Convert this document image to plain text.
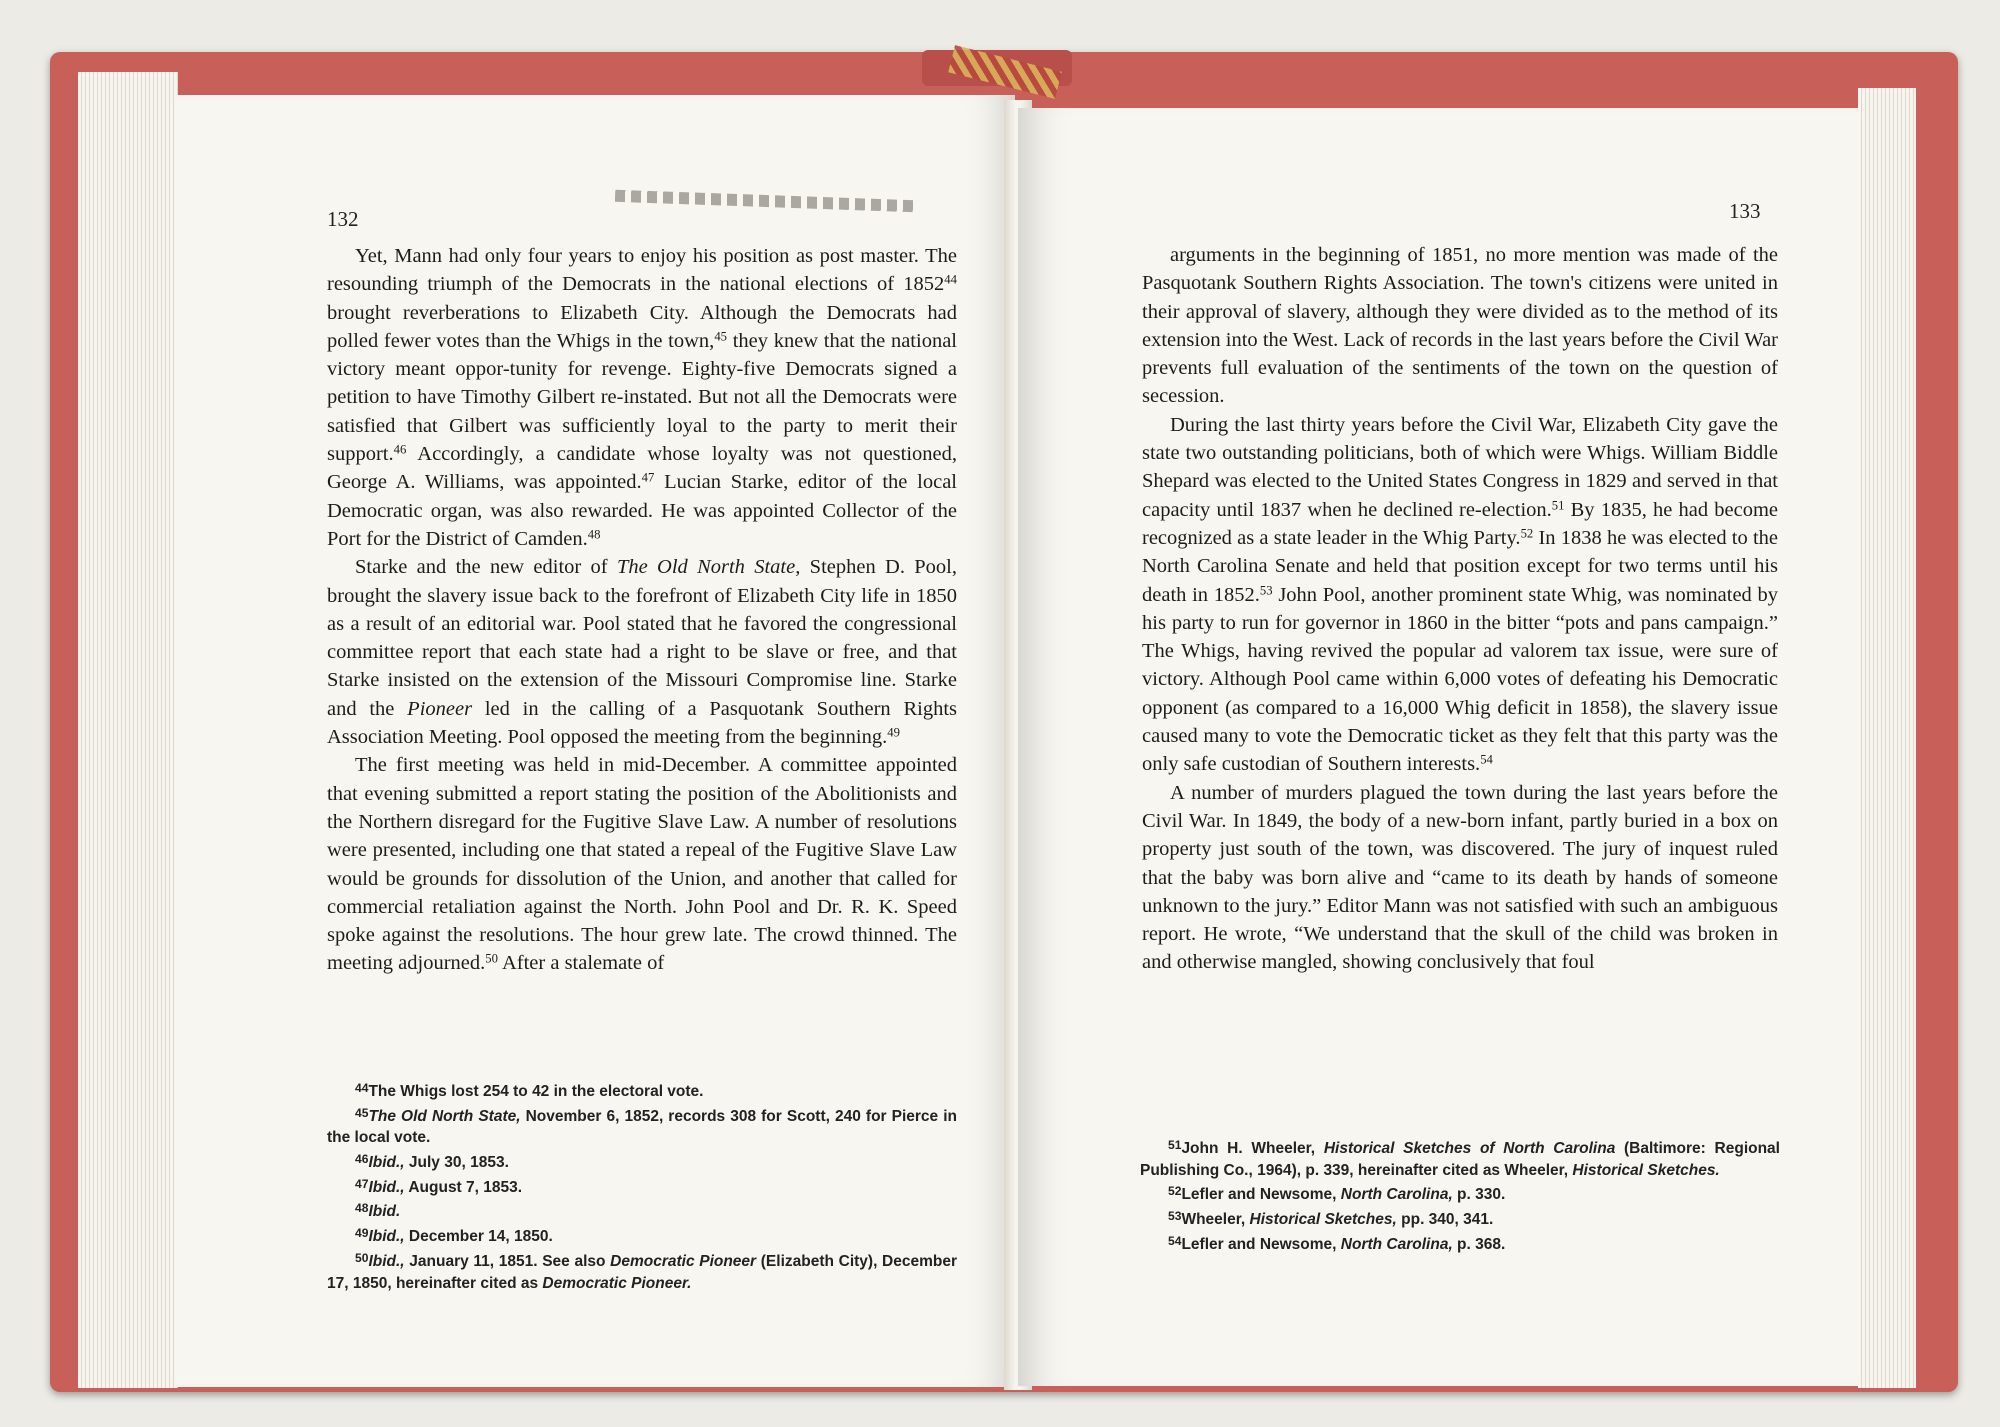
132

Yet, Mann had only four years to enjoy his position as post master. The resounding triumph of the Democrats in the national elections of 1852$^{44}$ brought reverberations to Elizabeth City. Although the Democrats had polled fewer votes than the Whigs in the town,$^{45}$ they knew that the national victory meant oppor-tunity for revenge. Eighty-five Democrats signed a petition to have Timothy Gilbert re-instated. But not all the Democrats were satisfied that Gilbert was sufficiently loyal to the party to merit their support.$^{46}$ Accordingly, a candidate whose loyalty was not questioned, George A. Williams, was appointed.$^{47}$ Lucian Starke, editor of the local Democratic organ, was also rewarded. He was appointed Collector of the Port for the District of Camden.$^{48}$

Starke and the new editor of The Old North State, Stephen D. Pool, brought the slavery issue back to the forefront of Elizabeth City life in 1850 as a result of an editorial war. Pool stated that he favored the congressional committee report that each state had a right to be slave or free, and that Starke insisted on the extension of the Missouri Compromise line. Starke and the Pioneer led in the calling of a Pasquotank Southern Rights Association Meeting. Pool opposed the meeting from the beginning.$^{49}$

The first meeting was held in mid-December. A committee appointed that evening submitted a report stating the position of the Abolitionists and the Northern disregard for the Fugitive Slave Law. A number of resolutions were presented, including one that stated a repeal of the Fugitive Slave Law would be grounds for dissolution of the Union, and another that called for commercial retaliation against the North. John Pool and Dr. R. K. Speed spoke against the resolutions. The hour grew late. The crowd thinned. The meeting adjourned.$^{50}$ After a stalemate of

$^{44}$The Whigs lost 254 to 42 in the electoral vote.

$^{45}$The Old North State, November 6, 1852, records 308 for Scott, 240 for Pierce in the local vote.

$^{46}$Ibid., July 30, 1853.

$^{47}$Ibid., August 7, 1853.

$^{48}$Ibid.

$^{49}$Ibid., December 14, 1850.

$^{50}$Ibid., January 11, 1851. See also Democratic Pioneer (Elizabeth City), December 17, 1850, hereinafter cited as Democratic Pioneer.

133

arguments in the beginning of 1851, no more mention was made of the Pasquotank Southern Rights Association. The town's citizens were united in their approval of slavery, although they were divided as to the method of its extension into the West. Lack of records in the last years before the Civil War prevents full evaluation of the sentiments of the town on the question of secession.

During the last thirty years before the Civil War, Elizabeth City gave the state two outstanding politicians, both of which were Whigs. William Biddle Shepard was elected to the United States Congress in 1829 and served in that capacity until 1837 when he declined re-election.$^{51}$ By 1835, he had become recognized as a state leader in the Whig Party.$^{52}$ In 1838 he was elected to the North Carolina Senate and held that position except for two terms until his death in 1852.53 John Pool, another prominent state Whig, was nominated by his party to run for governor in 1860 in the bitter “pots and pans campaign.” The Whigs, having revived the popular ad valorem tax issue, were sure of victory. Although Pool came within 6,000 votes of defeating his Democratic opponent (as compared to a 16,000 Whig deficit in 1858), the slavery issue caused many to vote the Democratic ticket as they felt that this party was the only safe custodian of Southern interests.$^{54}$

A number of murders plagued the town during the last years before the Civil War. In 1849, the body of a new-born infant, partly buried in a box on property just south of the town, was discovered. The jury of inquest ruled that the baby was born alive and “came to its death by hands of someone unknown to the jury.” Editor Mann was not satisfied with such an ambiguous report. He wrote, “We understand that the skull of the child was broken in and otherwise mangled, showing conclusively that foul

$^{51}$John H. Wheeler, Historical Sketches of North Carolina (Baltimore: Regional Publishing Co., 1964), p. 339, hereinafter cited as Wheeler, Historical Sketches.

$^{52}$Lefler and Newsome, North Carolina, p. 330.

$^{53}$Wheeler, Historical Sketches, pp. 340, 341.

$^{54}$Lefler and Newsome, North Carolina, p. 368.
